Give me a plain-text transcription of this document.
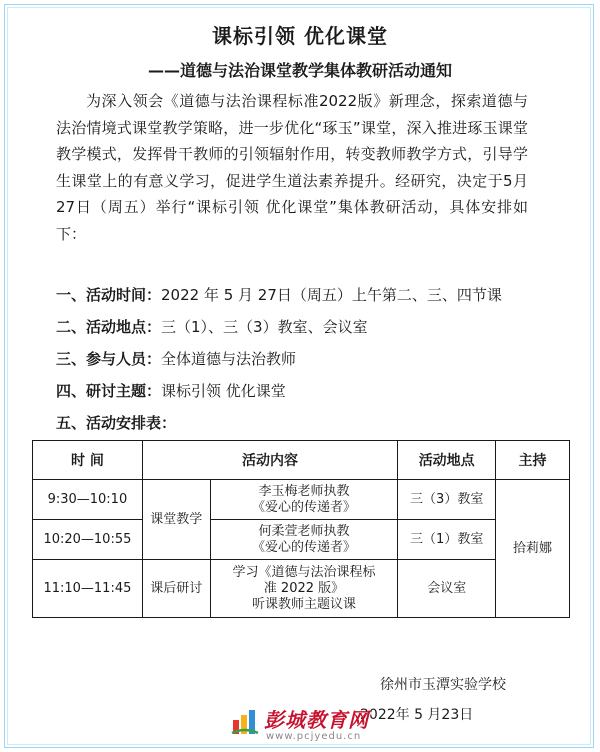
课标引领 优化课堂
——道德与法治课堂教学集体教研活动通知

为深入领会《道德与法治课程标准2022版》新理念，探索道德与法治情境式课堂教学策略，进一步优化“琢玉”课堂，深入推进琢玉课堂教学模式，发挥骨干教师的引领辐射作用，转变教师教学方式，引导学生课堂上的有意义学习，促进学生道法素养提升。经研究，决定于5月27日（周五）举行“课标引领 优化课堂”集体教研活动，具体安排如下：

一、活动时间：2022 年 5 月 27日（周五）上午第二、三、四节课
二、活动地点：三（1）、三（3）教室、会议室
三、参与人员：全体道德与法治教师
四、研讨主题：课标引领 优化课堂
五、活动安排表：
时 间	活动内容		活动地点	主持
9:30—10:10	课堂教学	李玉梅老师执教
《爱心的传递者》	三（3）教室	拾莉娜
10:20—10:55		何柔萱老师执教
《爱心的传递者》	三（1）教室	
11:10—11:45	课后研讨	学习《道德与法治课程标
准 2022 版》
听课教师主题议课	会议室	
徐州市玉潭实验学校
2022年 5 月23日
彭城教育网
www.pcjyedu.cn
